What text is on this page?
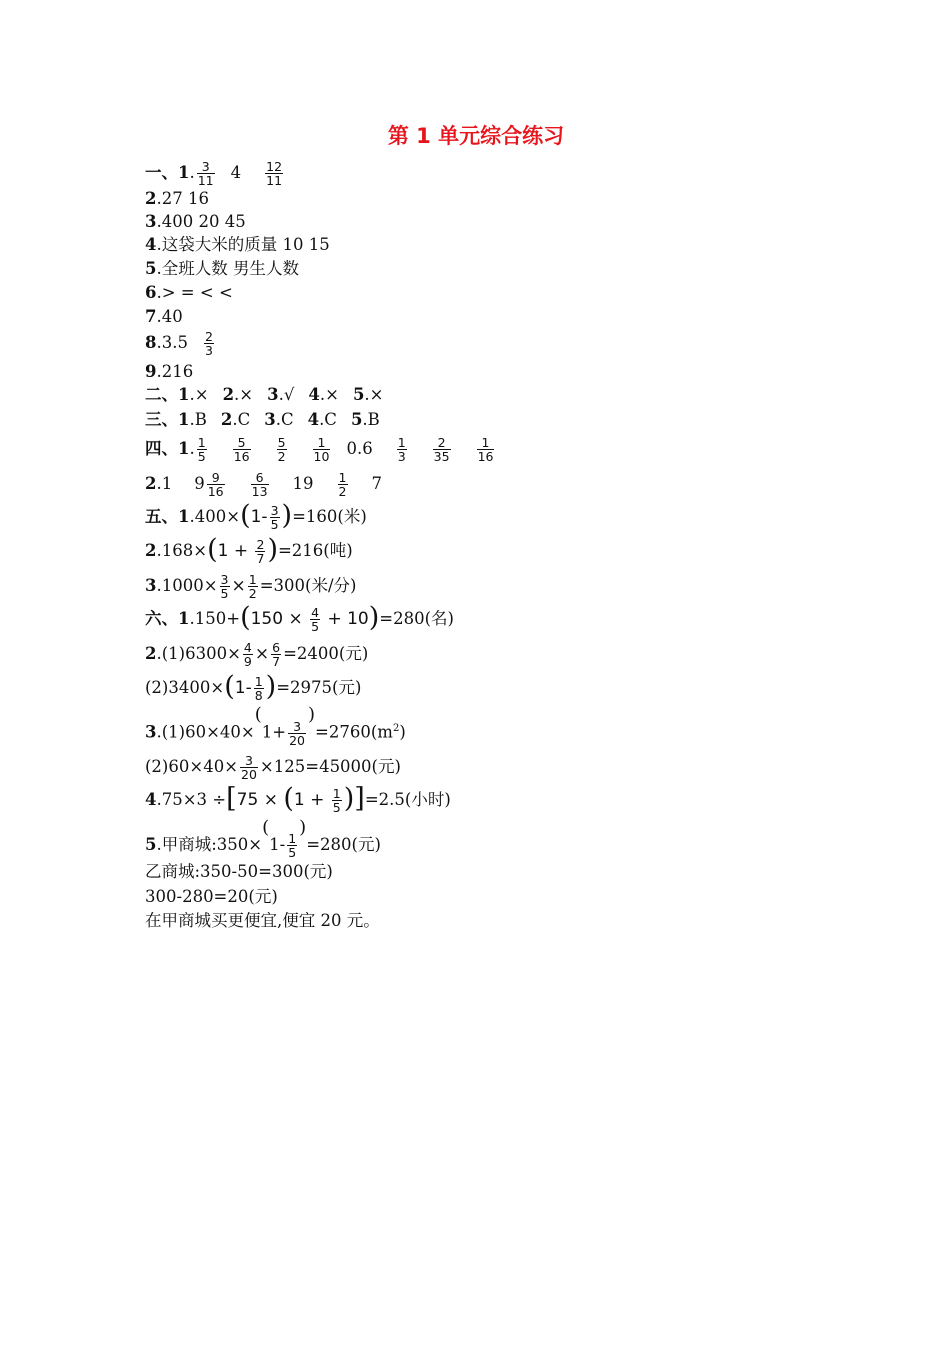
第 1 单元综合练习
一、1. $\frac{3}{11} 4 \frac{12}{11}$
2.27 16
3.400 20 45
4.这袋大米的质量 10 15
5.全班人数 男生人数
6.> = < <
7.40
$8.3.5 \frac{2}{3}$
9.216
二、1.× 2.× 3.√ 4.× 5.×
三、1.B 2.C 3.C 4.C 5.B
四、1. $\frac{1}{5} \frac{5}{16} \frac{5}{2} \frac{1}{10} 0.6 \frac{1}{3} \frac{2}{35} \frac{1}{16}$
2.1 $9 \frac{9}{16} \frac{6}{13} 19 \frac{1}{2} 7$
五、$1.400\times(1- \frac{3}{5} )=160$(米)
$2.168\times(1 + \frac{2}{7} )=216$(吨)
$3.1000\times \frac{3}{5} \times \frac{1}{2} =300$(米/分)
六、$1.150+(150 \times \frac{4}{5} + 10)=280$(名)
$2.(1)6300\times \frac{4}{9} \times \frac{6}{7} =2400$(元)
$(2)3400\times(1- \frac{1}{8} )=2975$(元)
$3.(1)60\times 40\times(1+ \frac{3}{20}$
)$=2760(m^2)$
$(2)60\times 40\times \frac{3}{20} \times 125=45000$(元)
$4.75\times 3 \div[75 \times (1 + \frac{1}{5} )]=2.5$(小时)
5.甲商城:350×(1- $\frac{1}{5}$
)=280(元)
乙商城:350-50=300(元)
300-280=20(元)
在甲商城买更便宜,便宜 20 元。
